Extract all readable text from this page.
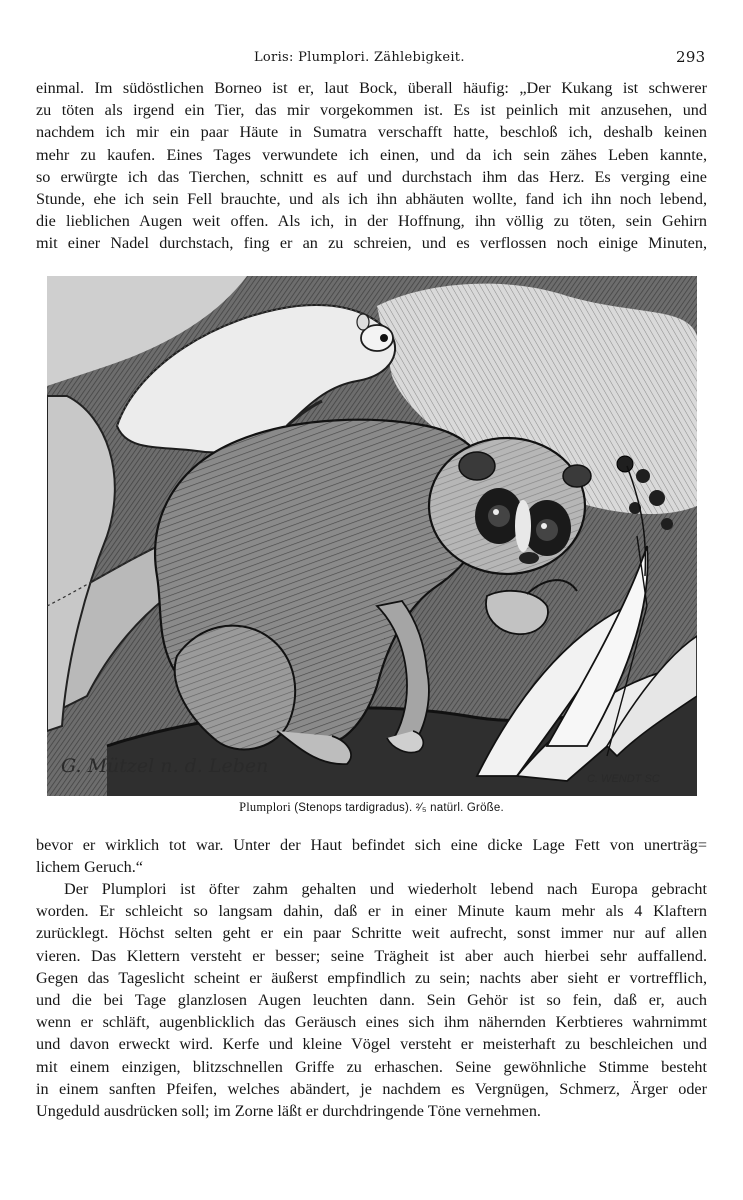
Loris: Plumplori. Zählebigkeit.	293
einmal. Im südöstlichen Borneo ist er, laut Bock, überall häufig: „Der Kukang ist schwerer
zu töten als irgend ein Tier, das mir vorgekommen ist. Es ist peinlich mit anzusehen, und
nachdem ich mir ein paar Häute in Sumatra verschafft hatte, beschloß ich, deshalb keinen
mehr zu kaufen. Eines Tages verwundete ich einen, und da ich sein zähes Leben kannte,
so erwürgte ich das Tierchen, schnitt es auf und durchstach ihm das Herz. Es verging eine
Stunde, ehe ich sein Fell brauchte, und als ich ihn abhäuten wollte, fand ich ihn noch lebend,
die lieblichen Augen weit offen. Als ich, in der Hoffnung, ihn völlig zu töten, sein Gehirn
mit einer Nadel durchstach, fing er an zu schreien, und es verflossen noch einige Minuten,
G. Mützel n. d. Leben
C. WENDT SC
Plumplori (Stenops tardigradus). ²⁄₅ natürl. Größe.
bevor er wirklich tot war. Unter der Haut befindet sich eine dicke Lage Fett von unerträg=
lichem Geruch.“
Der Plumplori ist öfter zahm gehalten und wiederholt lebend nach Europa gebracht
worden. Er schleicht so langsam dahin, daß er in einer Minute kaum mehr als 4 Klaftern
zurücklegt. Höchst selten geht er ein paar Schritte weit aufrecht, sonst immer nur auf allen
vieren. Das Klettern versteht er besser; seine Trägheit ist aber auch hierbei sehr auffallend.
Gegen das Tageslicht scheint er äußerst empfindlich zu sein; nachts aber sieht er vortrefflich,
und die bei Tage glanzlosen Augen leuchten dann. Sein Gehör ist so fein, daß er, auch
wenn er schläft, augenblicklich das Geräusch eines sich ihm nähernden Kerbtieres wahrnimmt
und davon erweckt wird. Kerfe und kleine Vögel versteht er meisterhaft zu beschleichen und
mit einem einzigen, blitzschnellen Griffe zu erhaschen. Seine gewöhnliche Stimme besteht
in einem sanften Pfeifen, welches abändert, je nachdem es Vergnügen, Schmerz, Ärger oder
Ungeduld ausdrücken soll; im Zorne läßt er durchdringende Töne vernehmen.
